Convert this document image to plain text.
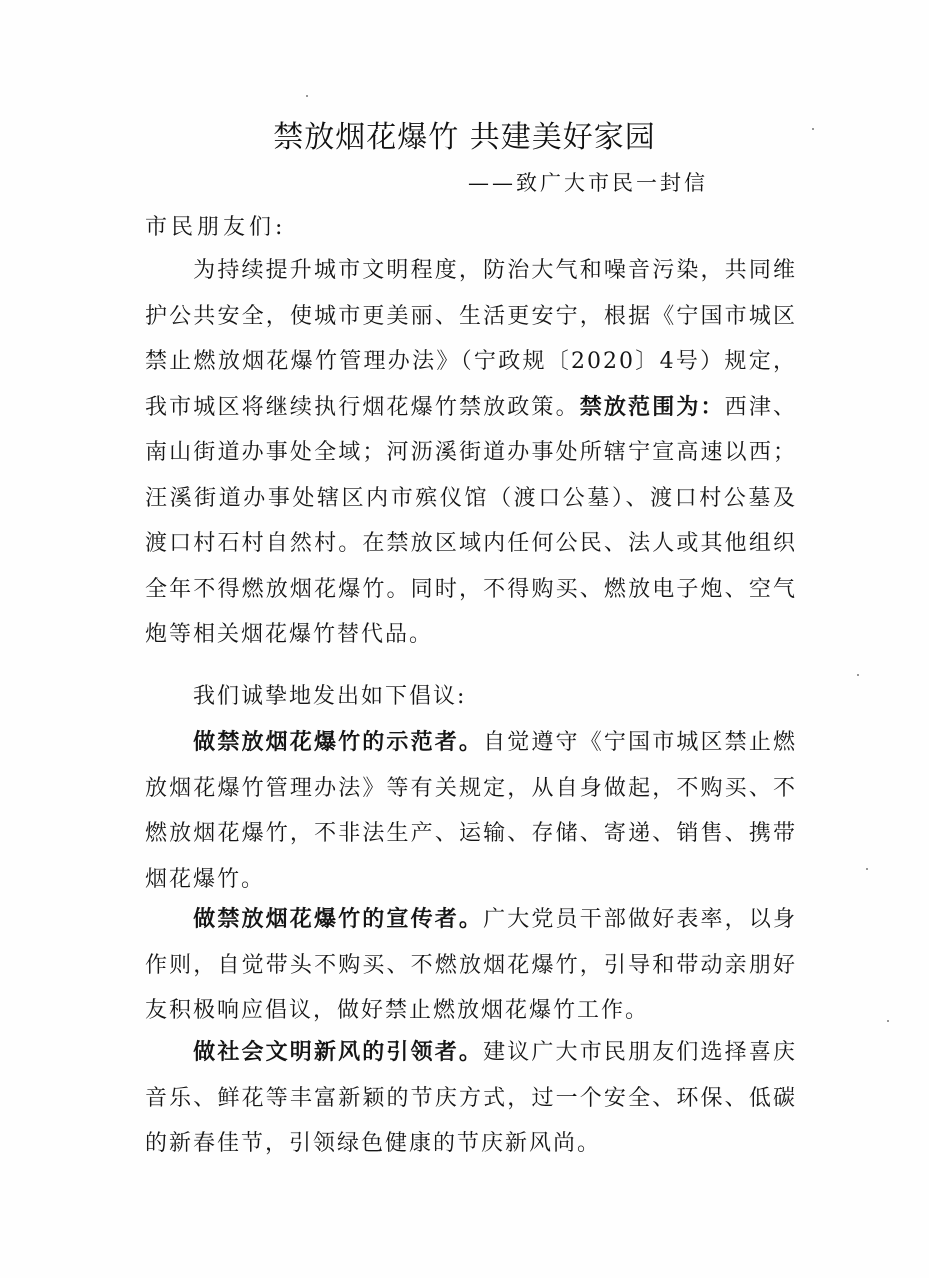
禁放烟花爆竹 共建美好家园
——致广大市民一封信
市民朋友们:

为持续提升城市文明程度，防治大气和噪音污染，共同维护公共安全，使城市更美丽、生活更安宁，根据《宁国市城区禁止燃放烟花爆竹管理办法》（宁政规〔2020〕4号）规定，我市城区将继续执行烟花爆竹禁放政策。禁放范围为：西津、南山街道办事处全域；河沥溪街道办事处所辖宁宣高速以西；汪溪街道办事处辖区内市殡仪馆（渡口公墓）、渡口村公墓及渡口村石村自然村。在禁放区域内任何公民、法人或其他组织全年不得燃放烟花爆竹。同时，不得购买、燃放电子炮、空气炮等相关烟花爆竹替代品。

我们诚挚地发出如下倡议:

做禁放烟花爆竹的示范者。自觉遵守《宁国市城区禁止燃放烟花爆竹管理办法》等有关规定，从自身做起，不购买、不燃放烟花爆竹，不非法生产、运输、存储、寄递、销售、携带烟花爆竹。

做禁放烟花爆竹的宣传者。广大党员干部做好表率，以身作则，自觉带头不购买、不燃放烟花爆竹，引导和带动亲朋好友积极响应倡议，做好禁止燃放烟花爆竹工作。

做社会文明新风的引领者。建议广大市民朋友们选择喜庆音乐、鲜花等丰富新颖的节庆方式，过一个安全、环保、低碳的新春佳节，引领绿色健康的节庆新风尚。
